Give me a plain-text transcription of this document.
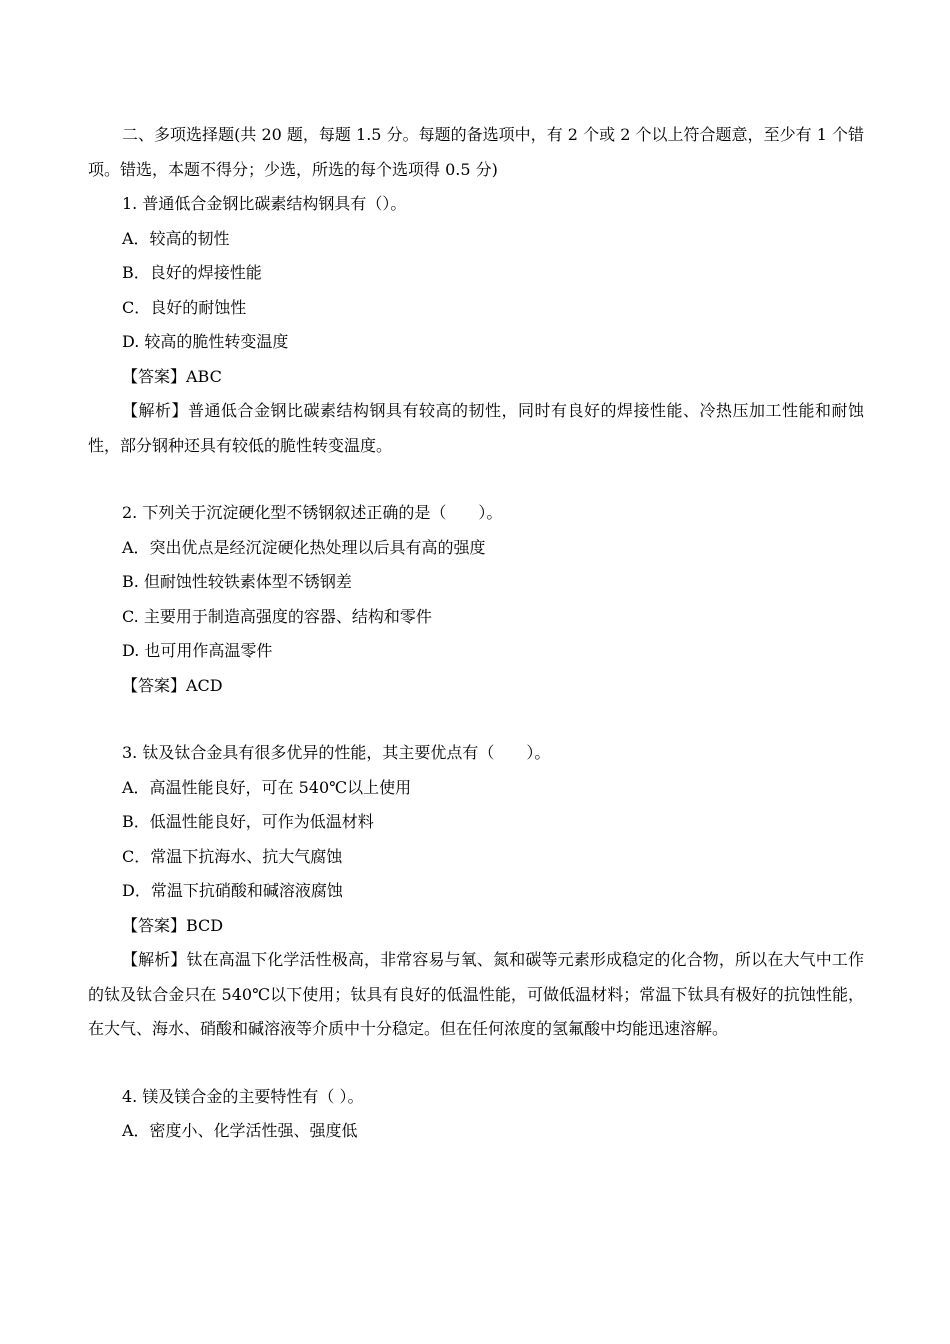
二、多项选择题(共 20 题，每题 1.5 分。每题的备选项中，有 2 个或 2 个以上符合题意，至少有 1 个错项。错选，本题不得分；少选，所选的每个选项得 0.5 分)

1. 普通低合金钢比碳素结构钢具有（）。

A．较高的韧性

B．良好的焊接性能

C．良好的耐蚀性

D. 较高的脆性转变温度

【答案】ABC

【解析】普通低合金钢比碳素结构钢具有较高的韧性，同时有良好的焊接性能、冷热压加工性能和耐蚀性，部分钢种还具有较低的脆性转变温度。

2. 下列关于沉淀硬化型不锈钢叙述正确的是（　　）。

A．突出优点是经沉淀硬化热处理以后具有高的强度

B. 但耐蚀性较铁素体型不锈钢差

C. 主要用于制造高强度的容器、结构和零件

D. 也可用作高温零件

【答案】ACD

3. 钛及钛合金具有很多优异的性能，其主要优点有（　　）。

A．高温性能良好，可在 540℃以上使用

B．低温性能良好，可作为低温材料

C．常温下抗海水、抗大气腐蚀

D．常温下抗硝酸和碱溶液腐蚀

【答案】BCD

【解析】钛在高温下化学活性极高，非常容易与氧、氮和碳等元素形成稳定的化合物，所以在大气中工作的钛及钛合金只在 540℃以下使用；钛具有良好的低温性能，可做低温材料；常温下钛具有极好的抗蚀性能，在大气、海水、硝酸和碱溶液等介质中十分稳定。但在任何浓度的氢氟酸中均能迅速溶解。

4. 镁及镁合金的主要特性有（ ）。

A．密度小、化学活性强、强度低
